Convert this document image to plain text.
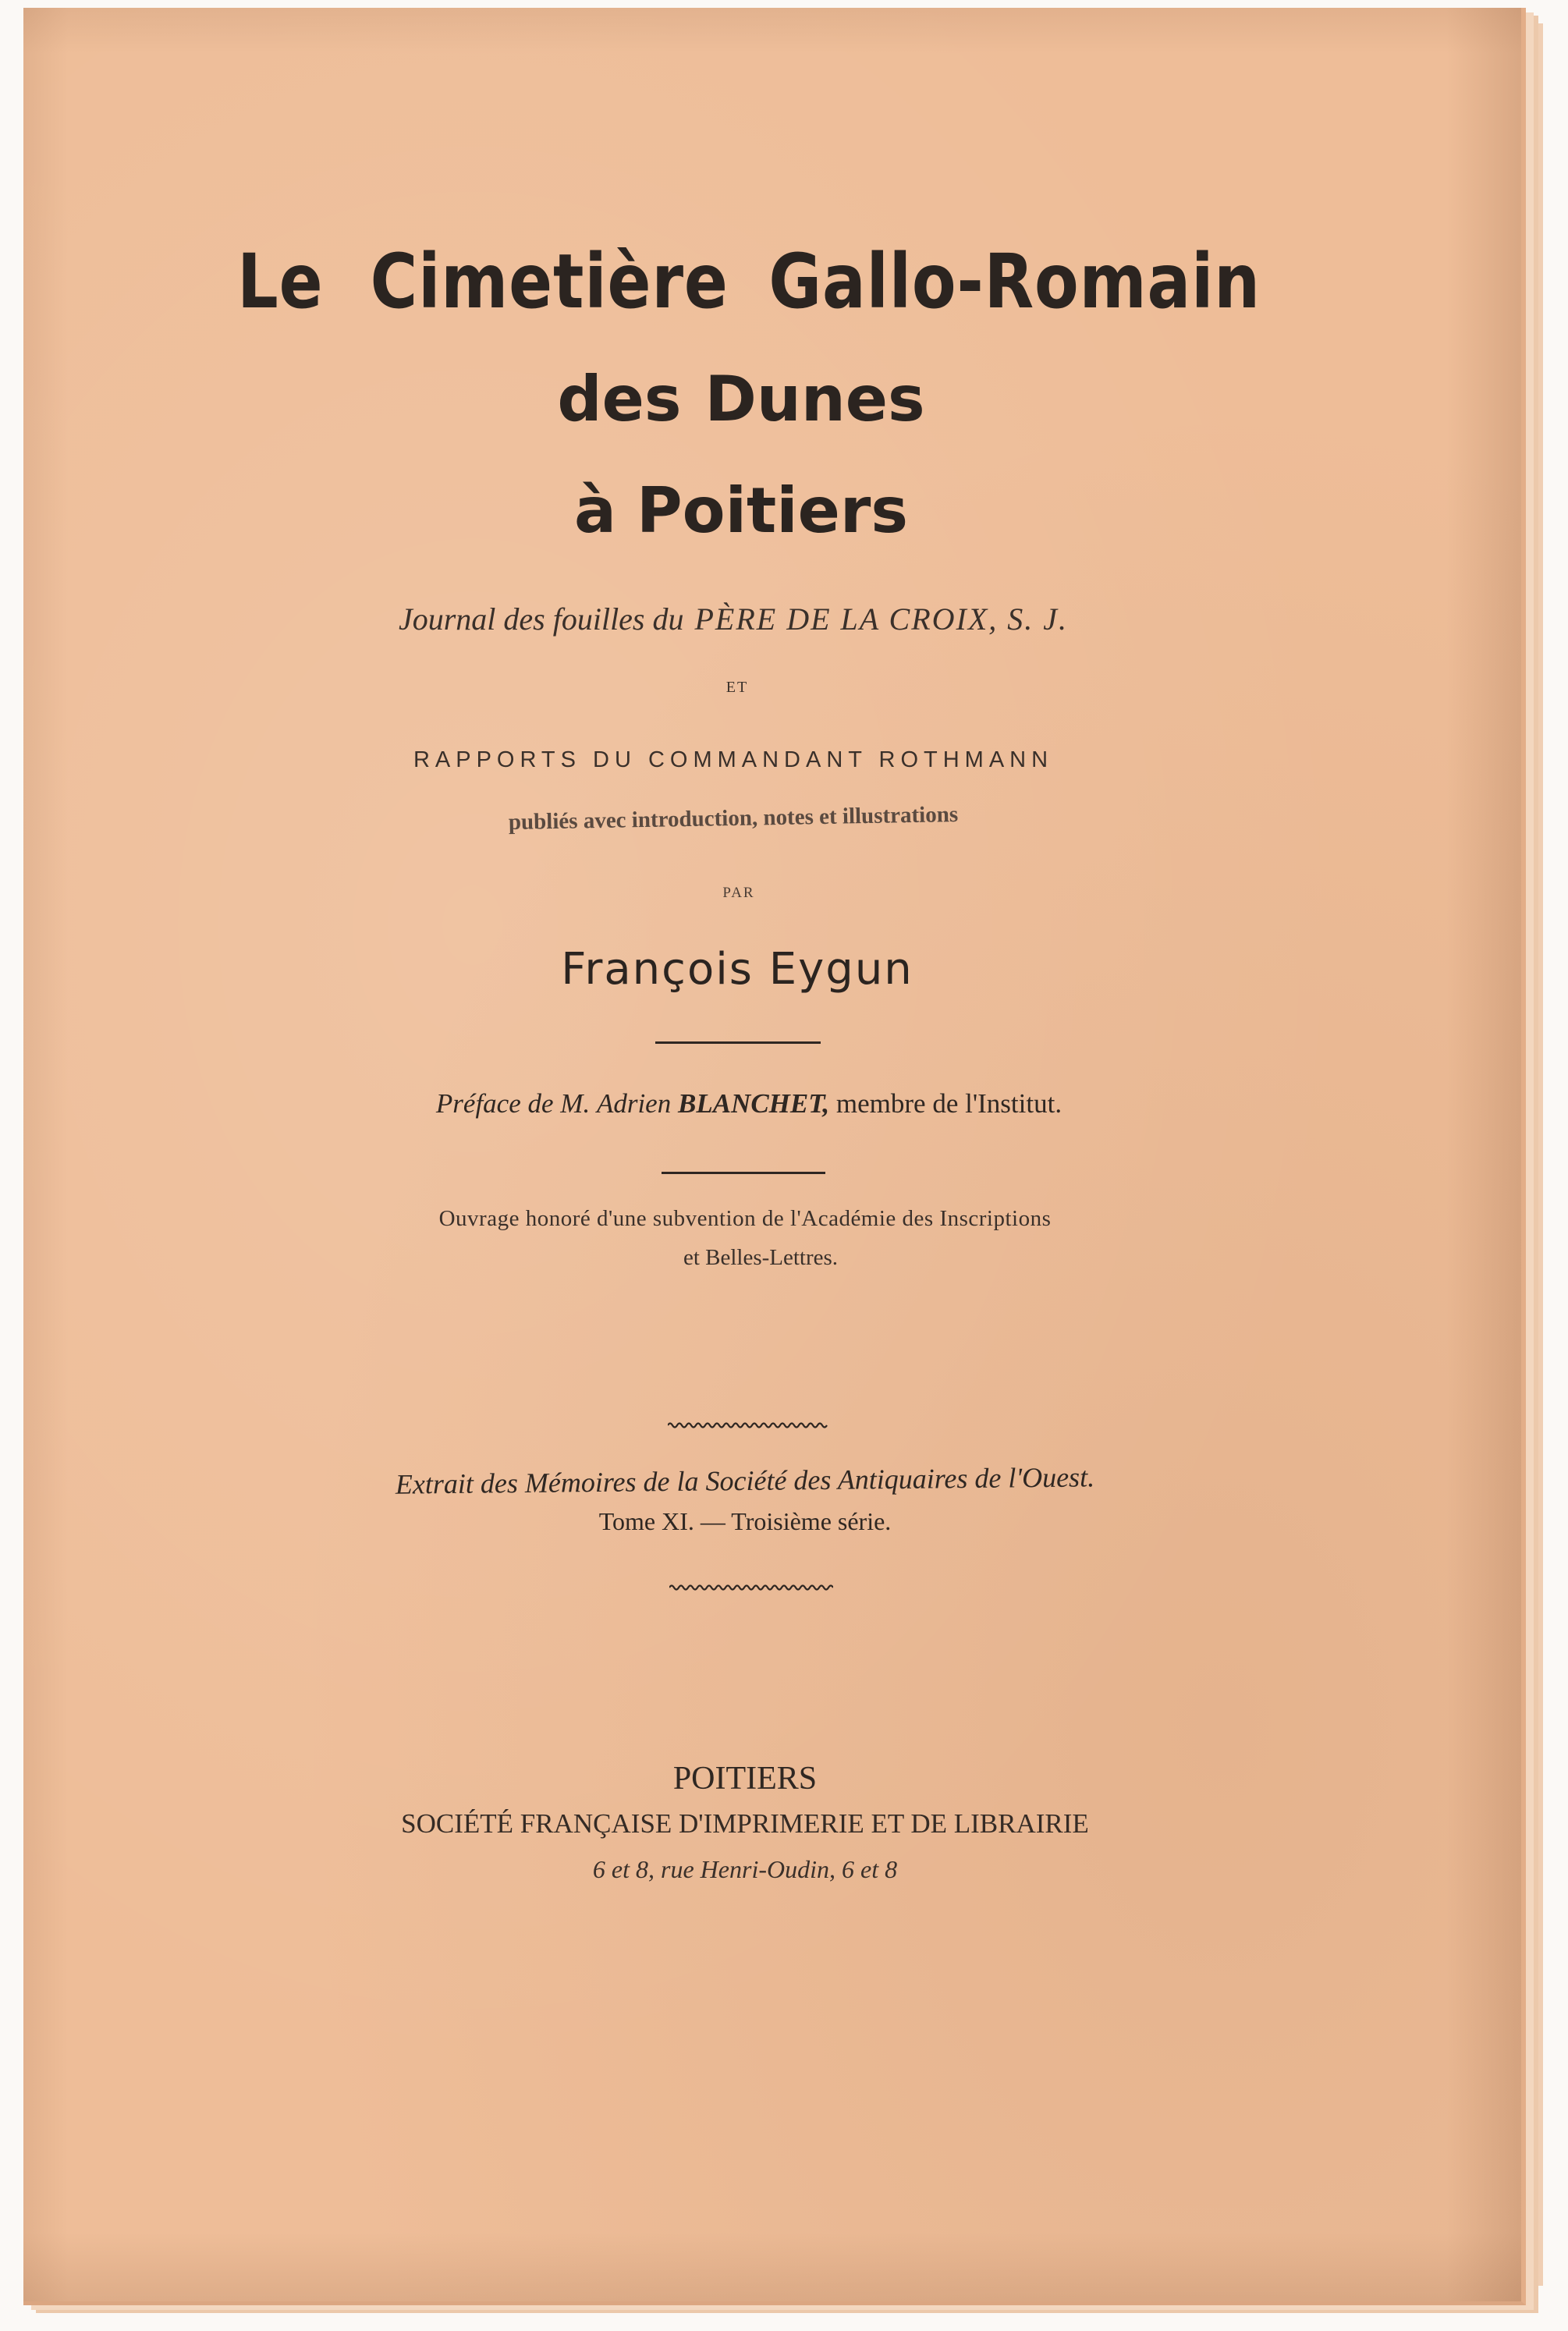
Le Cimetière Gallo-Romain
des Dunes
à Poitiers
Journal des fouilles du PÈRE DE LA CROIX, S. J.
ET
RAPPORTS DU COMMANDANT ROTHMANN
publiés avec introduction, notes et illustrations
PAR
François Eygun
Préface de M. Adrien BLANCHET, membre de l'Institut.
Ouvrage honoré d'une subvention de l'Académie des Inscriptions
et Belles-Lettres.
Extrait des Mémoires de la Société des Antiquaires de l'Ouest.
Tome XI. — Troisième série.
POITIERS
SOCIÉTÉ FRANÇAISE D'IMPRIMERIE ET DE LIBRAIRIE
6 et 8, rue Henri-Oudin, 6 et 8
